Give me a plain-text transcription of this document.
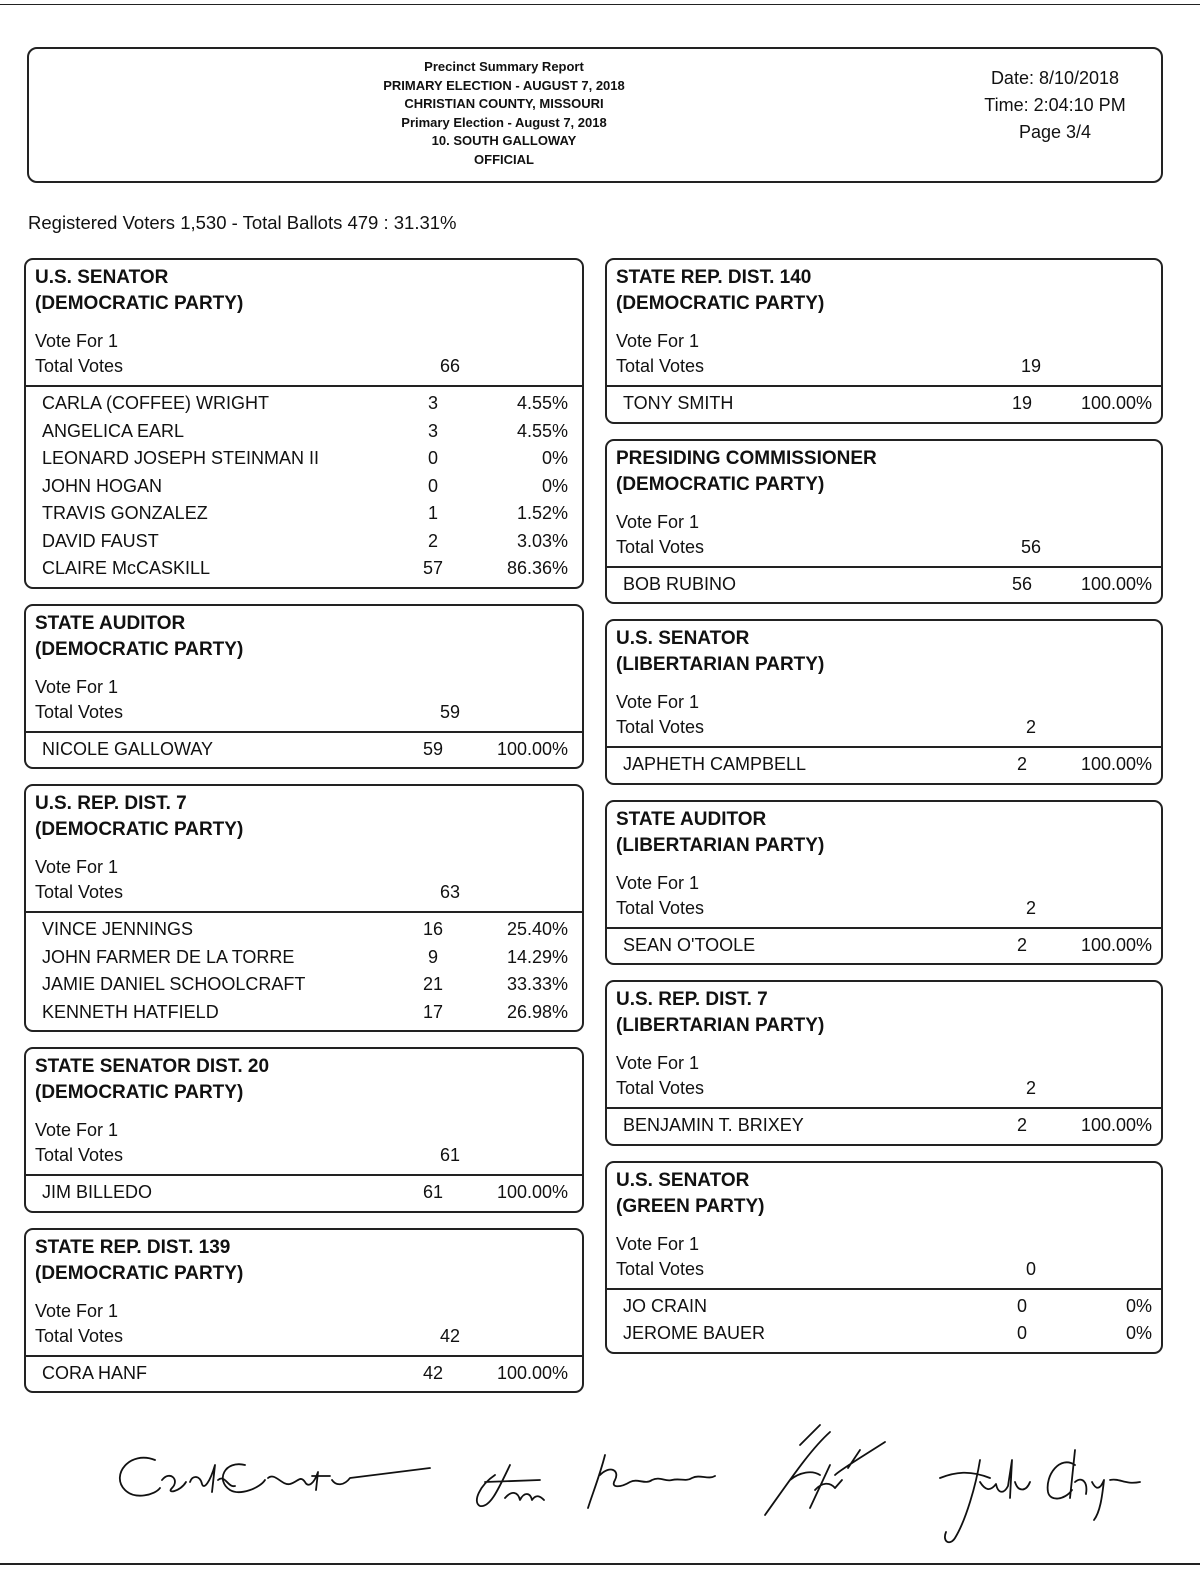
Precinct Summary Report
PRIMARY ELECTION - AUGUST 7, 2018
CHRISTIAN COUNTY, MISSOURI
Primary Election - August 7, 2018
10. SOUTH GALLOWAY
OFFICIAL
Date: 8/10/2018
Time: 2:04:10 PM
Page 3/4
Registered Voters 1,530 - Total Ballots 479 : 31.31%
U.S. SENATOR
(DEMOCRATIC PARTY)
Vote For 1
Total Votes	66
CARLA (COFFEE) WRIGHT	3	4.55%
ANGELICA EARL	3	4.55%
LEONARD JOSEPH STEINMAN II	0	0%
JOHN HOGAN	0	0%
TRAVIS GONZALEZ	1	1.52%
DAVID FAUST	2	3.03%
CLAIRE McCASKILL	57	86.36%
STATE AUDITOR
(DEMOCRATIC PARTY)
Vote For 1
Total Votes	59
NICOLE GALLOWAY	59	100.00%
U.S. REP. DIST. 7
(DEMOCRATIC PARTY)
Vote For 1
Total Votes	63
VINCE JENNINGS	16	25.40%
JOHN FARMER DE LA TORRE	9	14.29%
JAMIE DANIEL SCHOOLCRAFT	21	33.33%
KENNETH HATFIELD	17	26.98%
STATE SENATOR DIST. 20
(DEMOCRATIC PARTY)
Vote For 1
Total Votes	61
JIM BILLEDO	61	100.00%
STATE REP. DIST. 139
(DEMOCRATIC PARTY)
Vote For 1
Total Votes	42
CORA HANF	42	100.00%
STATE REP. DIST. 140
(DEMOCRATIC PARTY)
Vote For 1
Total Votes	19
TONY SMITH	19	100.00%
PRESIDING COMMISSIONER
(DEMOCRATIC PARTY)
Vote For 1
Total Votes	56
BOB RUBINO	56	100.00%
U.S. SENATOR
(LIBERTARIAN PARTY)
Vote For 1
Total Votes	2
JAPHETH CAMPBELL	2	100.00%
STATE AUDITOR
(LIBERTARIAN PARTY)
Vote For 1
Total Votes	2
SEAN O'TOOLE	2	100.00%
U.S. REP. DIST. 7
(LIBERTARIAN PARTY)
Vote For 1
Total Votes	2
BENJAMIN T. BRIXEY	2	100.00%
U.S. SENATOR
(GREEN PARTY)
Vote For 1
Total Votes	0
JO CRAIN	0	0%
JEROME BAUER	0	0%
